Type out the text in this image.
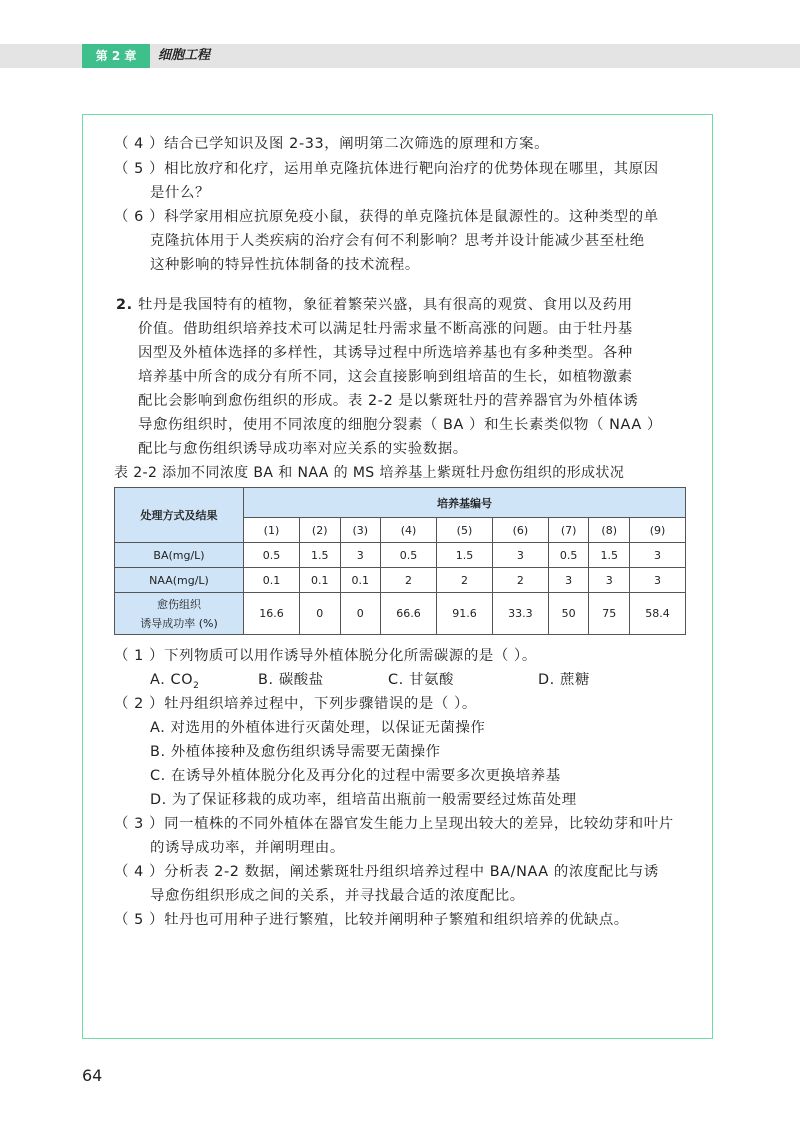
第 2 章	细胞工程
（ 4 ）结合已学知识及图 2-33，阐明第二次筛选的原理和方案。
（ 5 ）相比放疗和化疗，运用单克隆抗体进行靶向治疗的优势体现在哪里，其原因
是什么？
（ 6 ）科学家用相应抗原免疫小鼠，获得的单克隆抗体是鼠源性的。这种类型的单
克隆抗体用于人类疾病的治疗会有何不利影响？思考并设计能减少甚至杜绝
这种影响的特异性抗体制备的技术流程。
2. 牡丹是我国特有的植物，象征着繁荣兴盛，具有很高的观赏、食用以及药用
价值。借助组织培养技术可以满足牡丹需求量不断高涨的问题。由于牡丹基
因型及外植体选择的多样性，其诱导过程中所选培养基也有多种类型。各种
培养基中所含的成分有所不同，这会直接影响到组培苗的生长，如植物激素
配比会影响到愈伤组织的形成。表 2-2 是以紫斑牡丹的营养器官为外植体诱
导愈伤组织时，使用不同浓度的细胞分裂素（ BA ）和生长素类似物（ NAA ）
配比与愈伤组织诱导成功率对应关系的实验数据。
（ 1 ）下列物质可以用作诱导外植体脱分化所需碳源的是（ ）。
A. $CO_2$	B. 碳酸盐	C. 甘氨酸	D. 蔗糖
（ 2 ）牡丹组织培养过程中，下列步骤错误的是（ ）。
A. 对选用的外植体进行灭菌处理，以保证无菌操作
B. 外植体接种及愈伤组织诱导需要无菌操作
C. 在诱导外植体脱分化及再分化的过程中需要多次更换培养基
D. 为了保证移栽的成功率，组培苗出瓶前一般需要经过炼苗处理
（ 3 ）同一植株的不同外植体在器官发生能力上呈现出较大的差异，比较幼芽和叶片
的诱导成功率，并阐明理由。
（ 4 ）分析表 2-2 数据，阐述紫斑牡丹组织培养过程中 BA/NAA 的浓度配比与诱
导愈伤组织形成之间的关系，并寻找最合适的浓度配比。
（ 5 ）牡丹也可用种子进行繁殖，比较并阐明种子繁殖和组织培养的优缺点。
表 2-2 添加不同浓度 BA 和 NAA 的 MS 培养基上紫斑牡丹愈伤组织的形成状况
处理方式及结果	培养基编号								
	(1)	(2)	(3)	(4)	(5)	(6)	(7)	(8)	(9)
BA(mg/L)	0.5	1.5	3	0.5	1.5	3	0.5	1.5	3
NAA(mg/L)	0.1	0.1	0.1	2	2	2	3	3	3
愈伤组织
诱导成功率 (%)	16.6	0	0	66.6	91.6	33.3	50	75	58.4
64
